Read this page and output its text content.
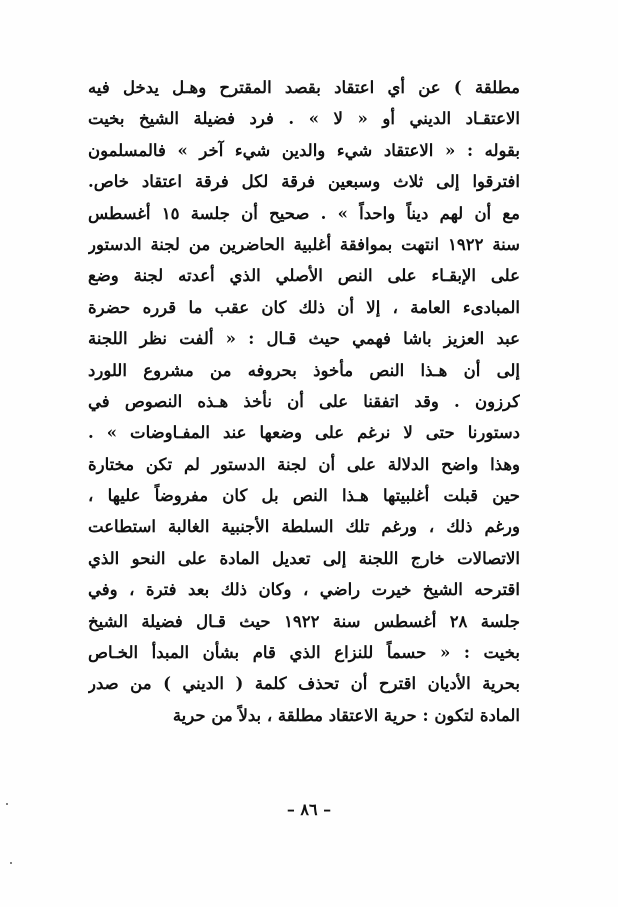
مطلقة ) عن أي اعتقاد بقصد المقترح وهـل يدخل فيه
الاعتقـاد الديني أو « لا » . فرد فضيلة الشيخ بخيت
بقوله : « الاعتقاد شيء والدين شيء آخر » فالمسلمون
افترقوا إلى ثلاث وسبعين فرقة لكل فرقة اعتقاد خاص.
مع أن لهم ديناً واحداً » . صحيح أن جلسة ١٥ أغسطس
سنة ١٩٢٢ انتهت بموافقة أغلبية الحاضرين من لجنة الدستور
على الإبقـاء على النص الأصلي الذي أعدته لجنة وضع
المبادىء العامة ، إلا أن ذلك كان عقب ما قرره حضرة
عبد العزيز باشا فهمي حيث قـال : « ألفت نظر اللجنة
إلى أن هـذا النص مأخوذ بحروفه من مشروع اللورد
كرزون . وقد اتفقنا على أن نأخذ هـذه النصوص في
دستورنا حتى لا نرغم على وضعها عند المفـاوضات » .
وهذا واضح الدلالة على أن لجنة الدستور لم تكن مختارة
حين قبلت أغلبيتها هـذا النص بل كان مفروضاً عليها ،
ورغم ذلك ، ورغم تلك السلطة الأجنبية الغالبة استطاعت
الاتصالات خارج اللجنة إلى تعديل المادة على النحو الذي
اقترحه الشيخ خيرت راضي ، وكان ذلك بعد فترة ، وفي
جلسة ٢٨ أغسطس سنة ١٩٢٢ حيث قـال فضيلة الشيخ
بخيت : « حسماً للنزاع الذي قام بشأن المبدأ الخـاص
بحرية الأديان اقترح أن تحذف كلمة ( الديني ) من صدر
المادة لتكون : حرية الاعتقاد مطلقة ، بدلاً من حرية
– ٨٦ –
